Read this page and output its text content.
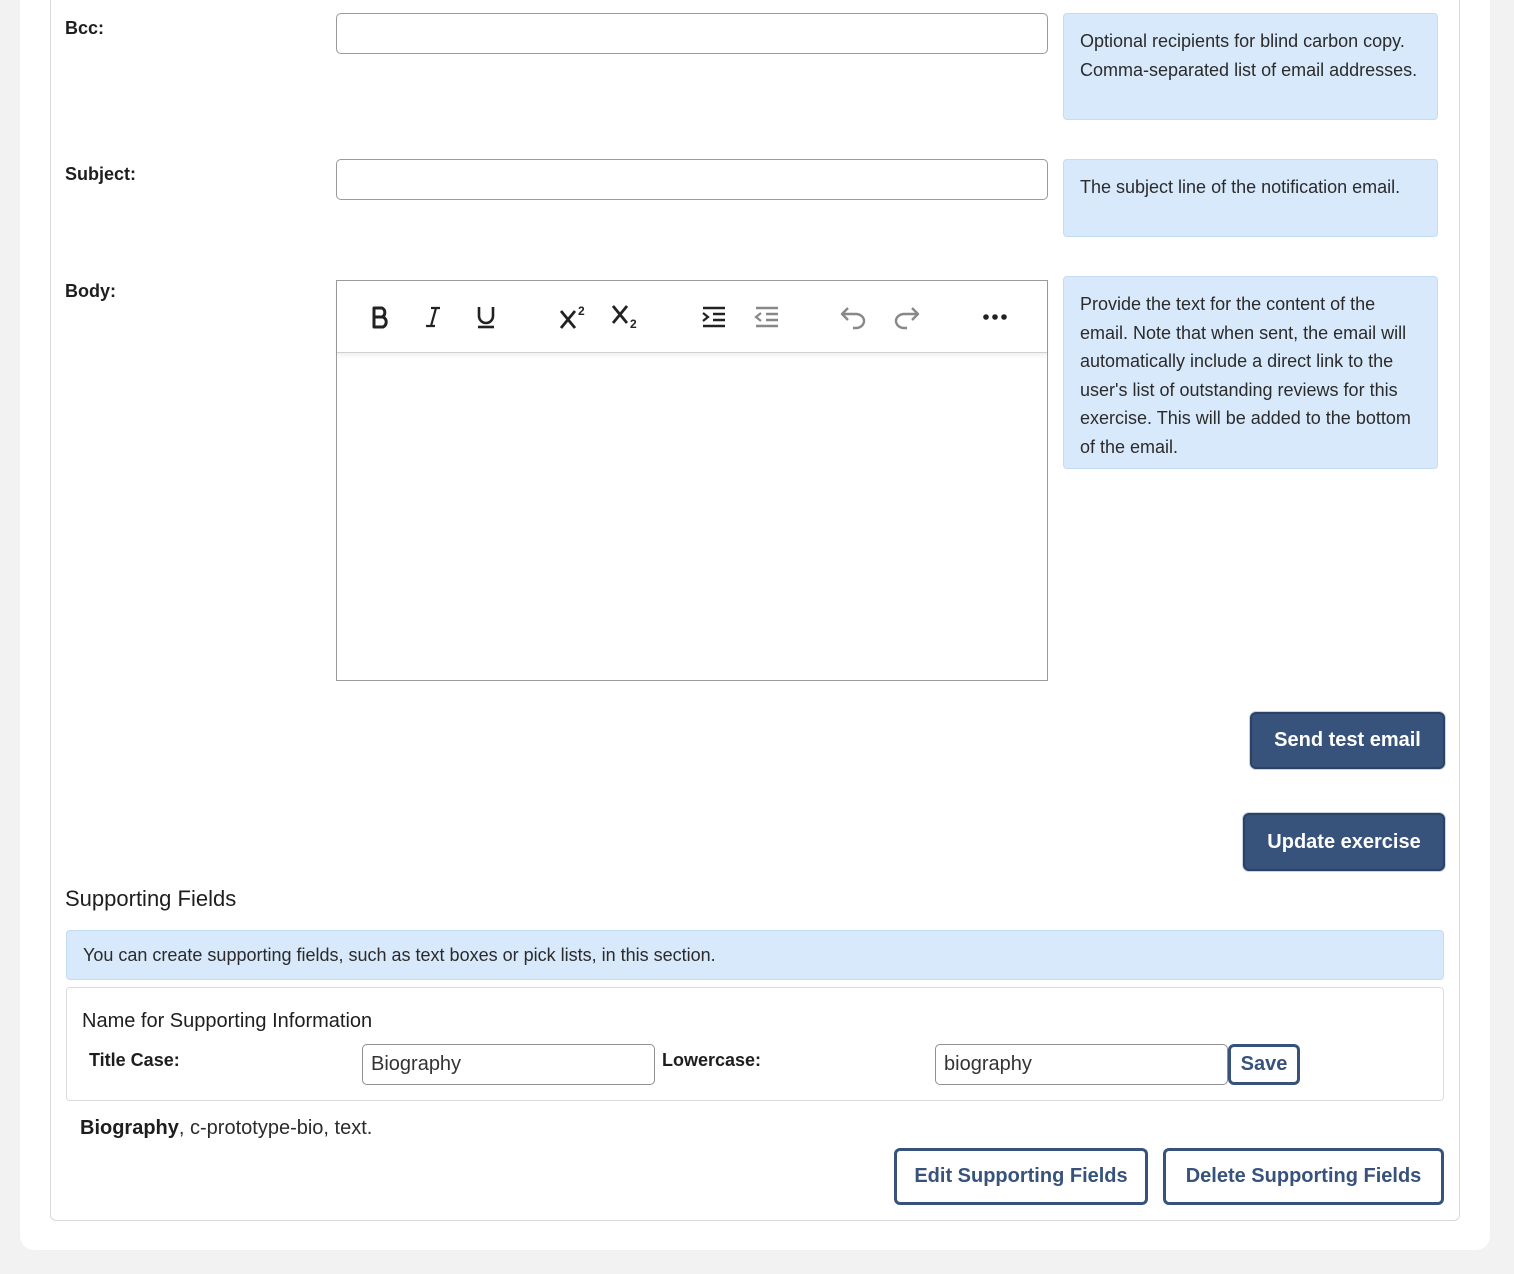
Bcc:
Optional recipients for blind carbon copy. Comma-separated list of email addresses.
Subject:
The subject line of the notification email.
Body:
2
2
Provide the text for the content of the email. Note that when sent, the email will automatically include a direct link to the user's list of outstanding reviews for this exercise. This will be added to the bottom of the email.
Send test email
Update exercise
Supporting Fields
You can create supporting fields, such as text boxes or pick lists, in this section.
Name for Supporting Information
Title Case:	Biography	Lowercase:	biography	Save
Biography, c-prototype-bio, text.
Edit Supporting Fields	Delete Supporting Fields
